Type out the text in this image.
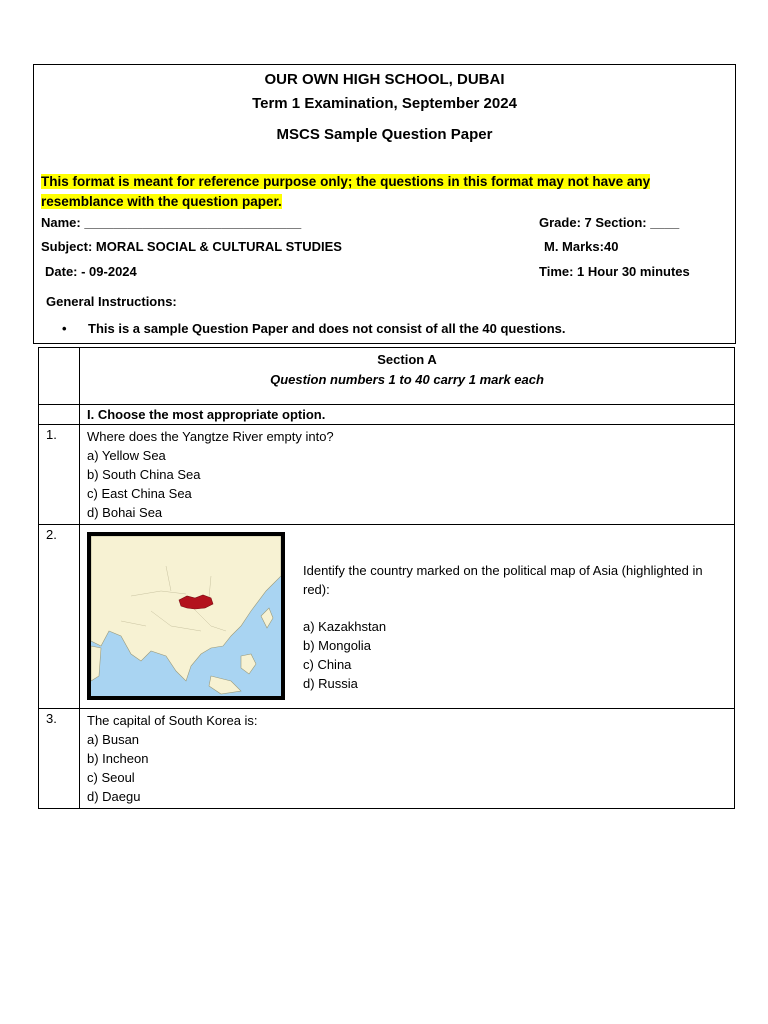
OUR OWN HIGH SCHOOL, DUBAI
Term 1 Examination, September 2024
MSCS Sample Question Paper
This format is meant for reference purpose only; the questions in this format may not have any resemblance with the question paper.
Name: ______________________________	Grade: 7 Section: ____
Subject: MORAL SOCIAL & CULTURAL STUDIES	M. Marks:40
Date: - 09-2024	Time: 1 Hour 30 minutes
General Instructions:
• This is a sample Question Paper and does not consist of all the 40 questions.

	Section A
Question numbers 1 to 40 carry 1 mark each

	I. Choose the most appropriate option.
1.	Where does the Yangtze River empty into?
a) Yellow Sea
b) South China Sea
c) East China Sea
d) Bohai Sea

2.	Identify the country marked on the political map of Asia (highlighted in red):
a) Kazakhstan
b) Mongolia
c) China
d) Russia

3.	The capital of South Korea is:
a) Busan
b) Incheon
c) Seoul
d) Daegu
